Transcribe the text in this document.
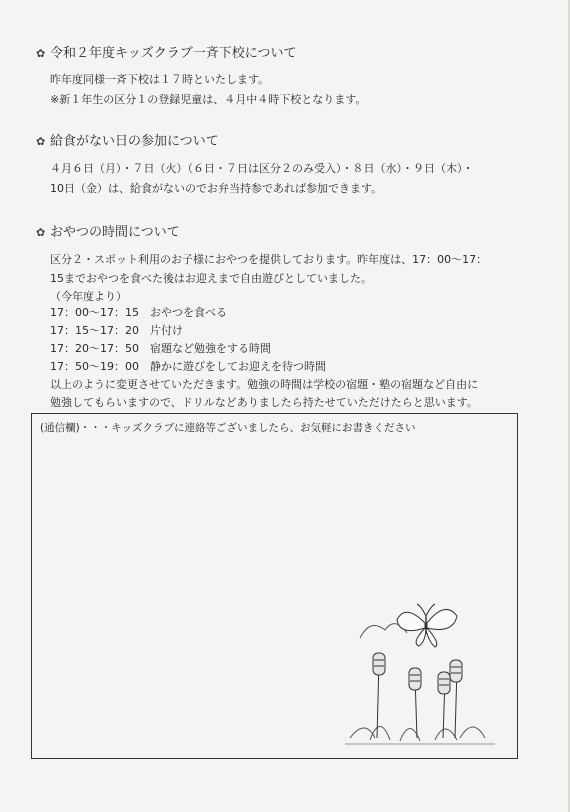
✿ 令和２年度キッズクラブ一斉下校について
昨年度同様一斉下校は１７時といたします。
※新１年生の区分１の登録児童は、４月中４時下校となります。
✿ 給食がない日の参加について
４月６日（月）・７日（火）（６日・７日は区分２のみ受入）・８日（水）・９日（木）・
10日（金）は、給食がないのでお弁当持参であれば参加できます。
✿ おやつの時間について
区分２・スポット利用のお子様におやつを提供しております。昨年度は、17：00〜17：
15までおやつを食べた後はお迎えまで自由遊びとしていました。
（今年度より）
17：00〜17：15　おやつを食べる
17：15〜17：20　片付け
17：20〜17：50　宿題など勉強をする時間
17：50〜19：00　静かに遊びをしてお迎えを待つ時間
以上のように変更させていただきます。勉強の時間は学校の宿題・塾の宿題など自由に
勉強してもらいますので、ドリルなどありましたら持たせていただけたらと思います。
(通信欄)・・・キッズクラブに連絡等ございましたら、お気軽にお書きください
